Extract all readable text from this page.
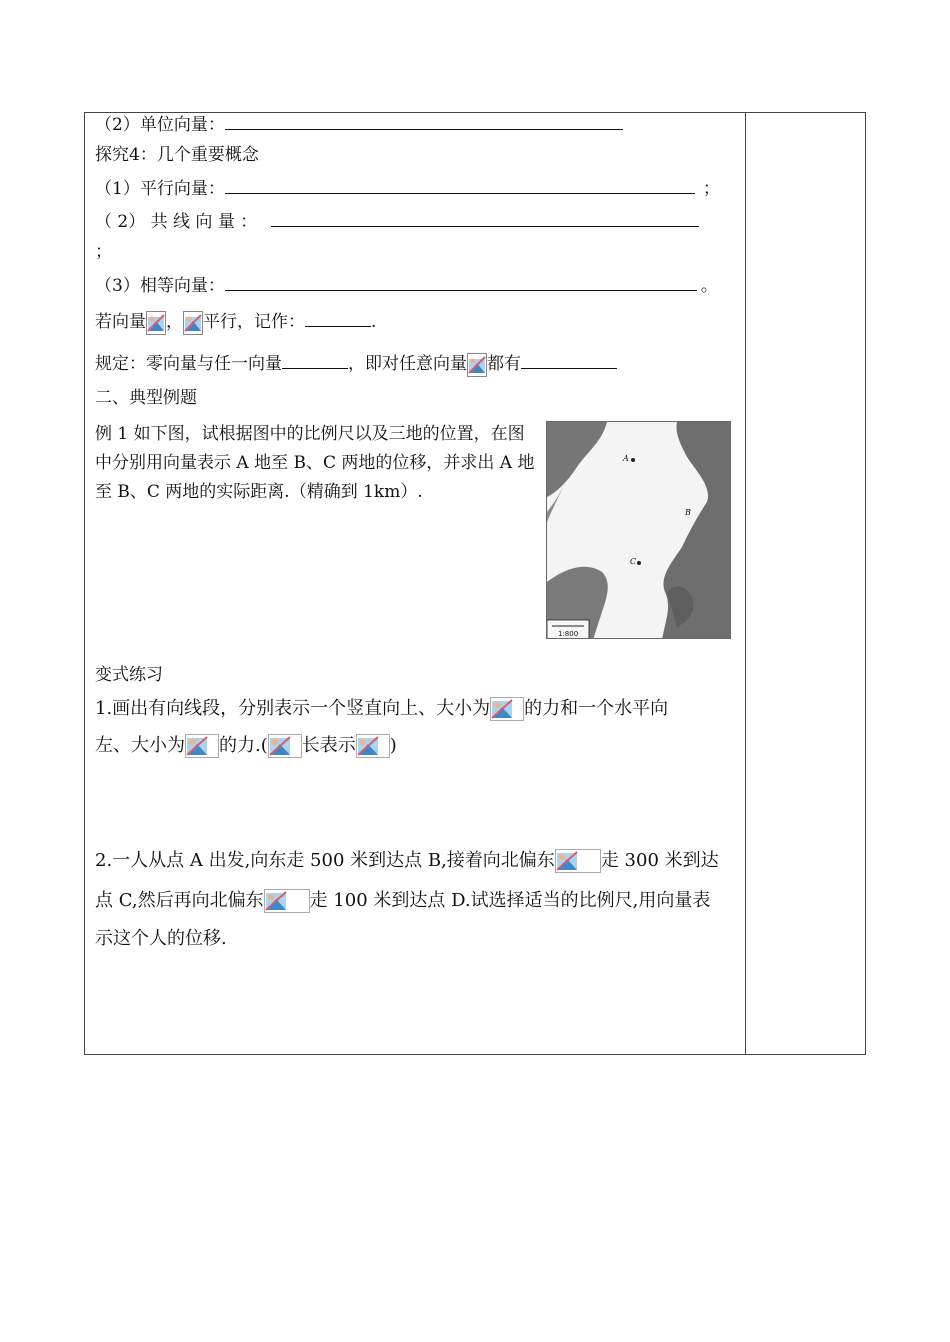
（2）单位向量：
探究4：几个重要概念
（1）平行向量：	；
（ 2） 共 线 向 量 ：
；
（3）相等向量：	。
若向量 ， 平行，记作：	.
规定：零向量与任一向量	，即对任意向量 都有
二、典型例题
例 1 如下图，试根据图中的比例尺以及三地的位置，在图中分别用向量表示 A 地至 B、C 两地的位移，并求出 A 地至 B、C 两地的实际距离.（精确到 1km）.
A
B
C
1:800
变式练习
1.画出有向线段，分别表示一个竖直向上、大小为 的力和一个水平向
左、大小为 的力.( 长表示 )
2.一人从点 A 出发,向东走 500 米到达点 B,接着向北偏东	走 300 米到达
点 C,然后再向北偏东	走 100 米到达点 D.试选择适当的比例尺,用向量表
示这个人的位移.
